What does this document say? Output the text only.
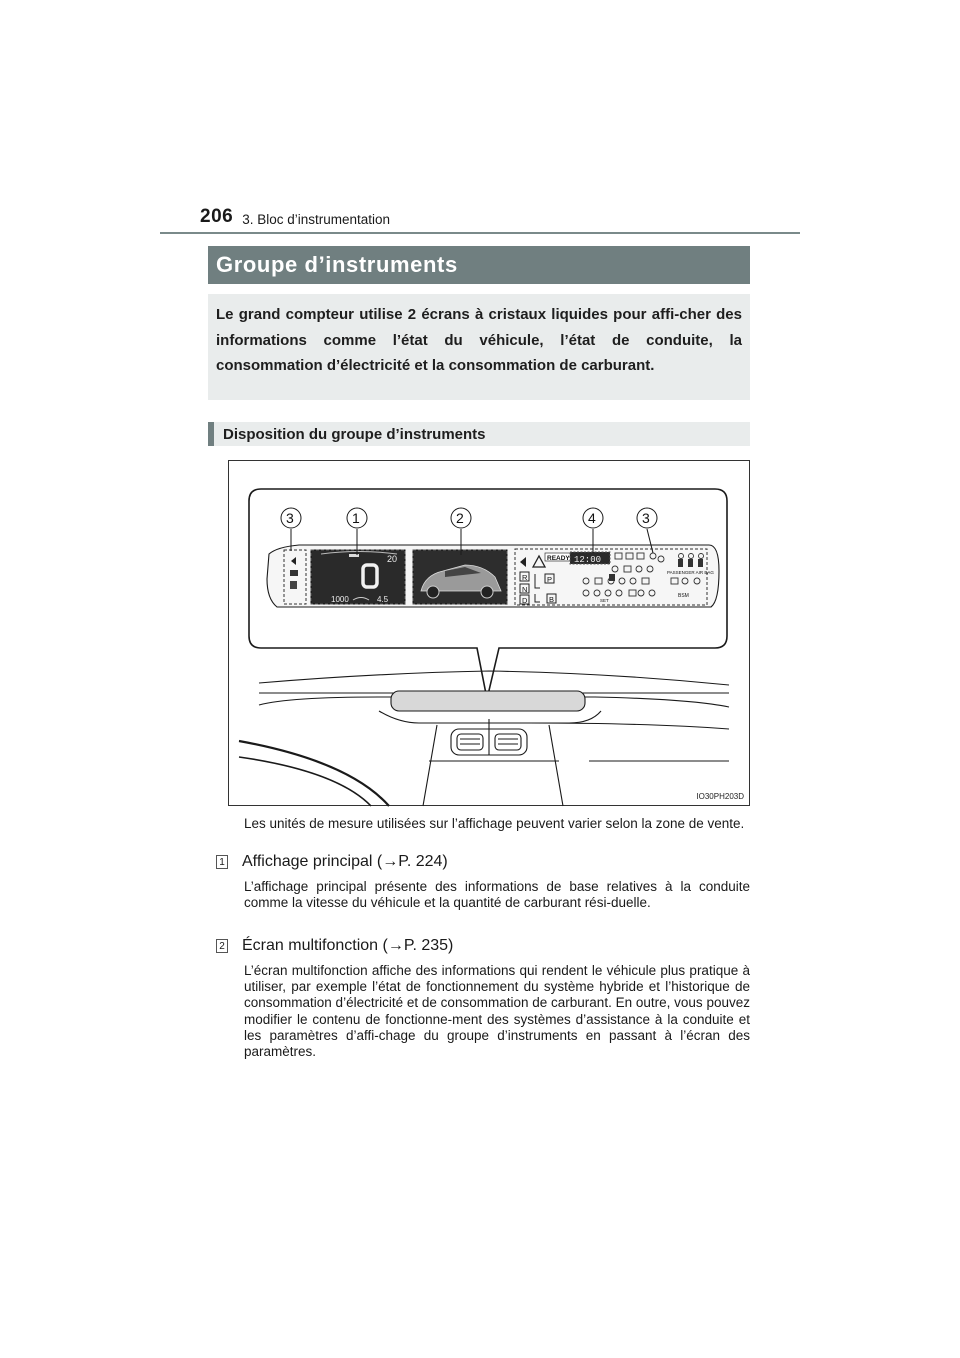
206 3. Bloc d’instrumentation
Groupe d’instruments
Le grand compteur utilise 2 écrans à cristaux liquides pour affi-cher des informations comme l’état du véhicule, l’état de conduite, la consommation d’électricité et la consommation de carburant.
Disposition du groupe d’instruments
20
1000	4.5
READY 12:00
R
N
D
P
B
PASSENGER AIR BAG
BSM
SET
3	1	2	4	3
IO30PH203D
Les unités de mesure utilisées sur l’affichage peuvent varier selon la zone de vente.
1 Affichage principal (→P. 224)
L’affichage principal présente des informations de base relatives à la conduite comme la vitesse du véhicule et la quantité de carburant rési-duelle.
2 Écran multifonction (→P. 235)
L’écran multifonction affiche des informations qui rendent le véhicule plus pratique à utiliser, par exemple l’état de fonctionnement du système hybride et l’historique de consommation d’électricité et de consommation de carburant. En outre, vous pouvez modifier le contenu de fonctionne-ment des systèmes d’assistance à la conduite et les paramètres d’affi-chage du groupe d’instruments en passant à l’écran des paramètres.
